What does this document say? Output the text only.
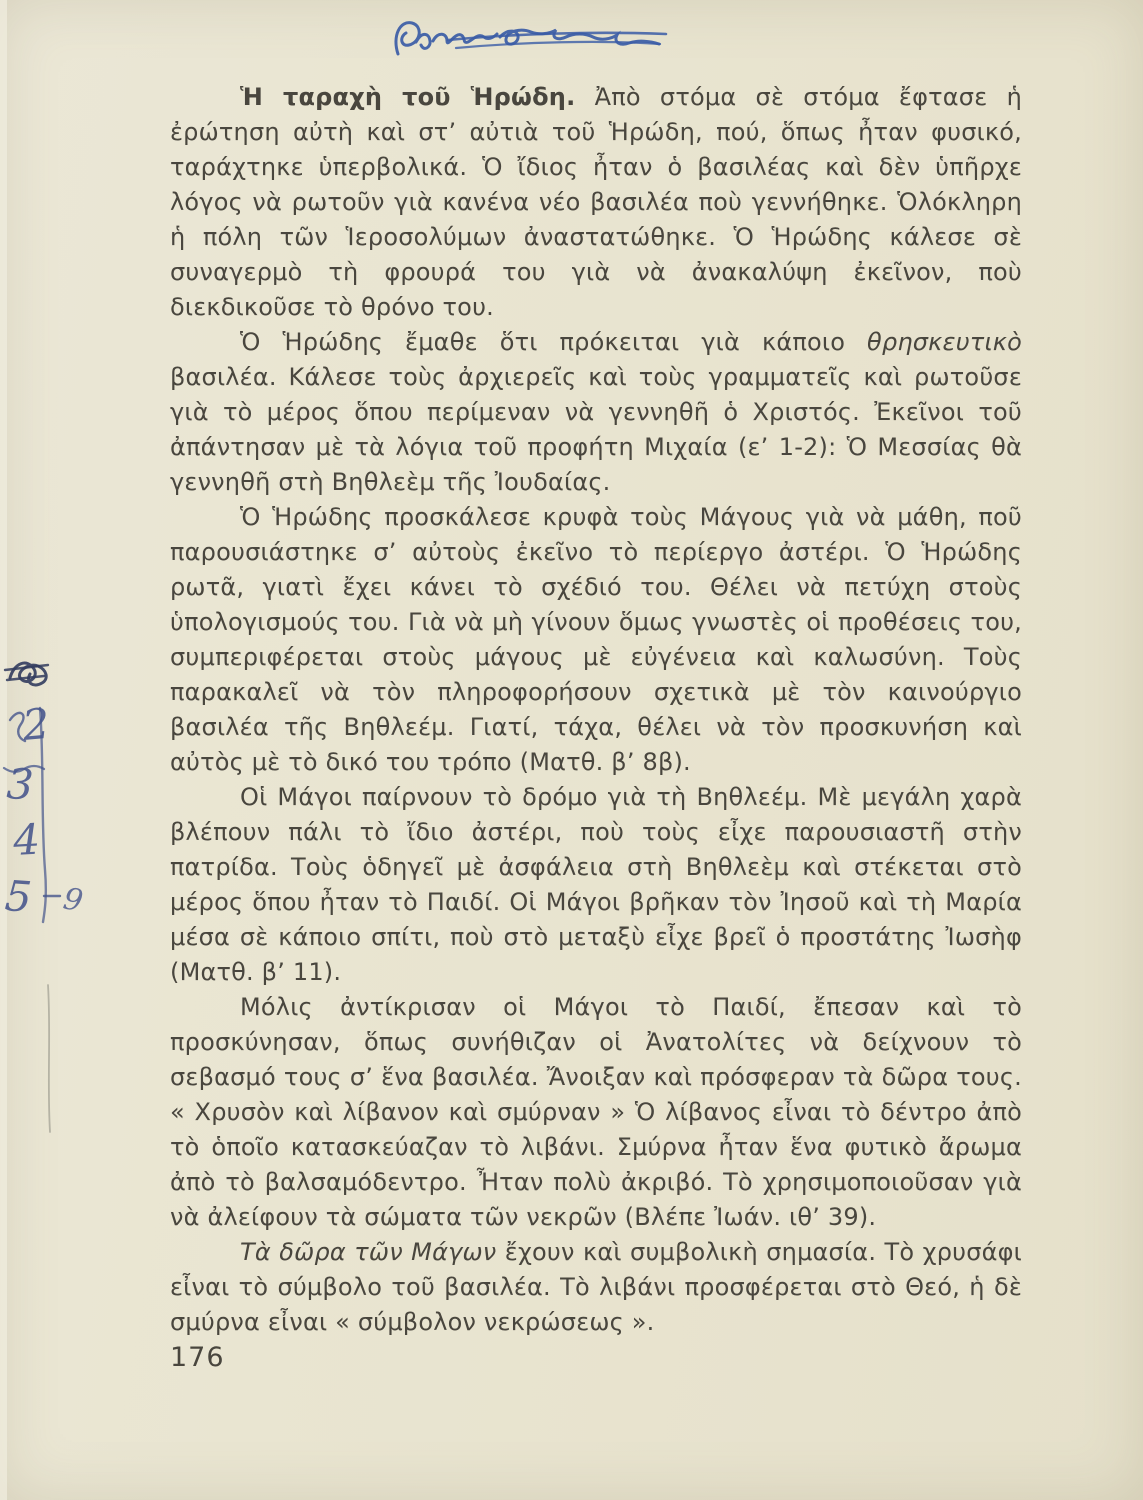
2
3
4
5 9

Ἡ ταραχὴ τοῦ Ἡρώδη. Ἀπὸ στόμα σὲ στόμα ἔφτασε ἡ ἐρώτηση αὐτὴ καὶ στ’ αὐτιὰ τοῦ Ἡρώδη, πού, ὅπως ἦταν φυσικό, ταράχτηκε ὑπερβολικά. Ὁ ἴδιος ἦταν ὁ βασιλέας καὶ δὲν ὑπῆρχε λόγος νὰ ρωτοῦν γιὰ κανένα νέο βασιλέα ποὺ γεννήθηκε. Ὁλόκληρη ἡ πόλη τῶν Ἱεροσολύμων ἀναστατώθηκε. Ὁ Ἡρώδης κάλεσε σὲ συναγερμὸ τὴ φρουρά του γιὰ νὰ ἀνακαλύψη ἐκεῖνον, ποὺ διεκδικοῦσε τὸ θρόνο του.

Ὁ Ἡρώδης ἔμαθε ὅτι πρόκειται γιὰ κάποιο θρησκευτικὸ βασιλέα. Κάλεσε τοὺς ἀρχιερεῖς καὶ τοὺς γραμματεῖς καὶ ρωτοῦσε γιὰ τὸ μέρος ὅπου περίμεναν νὰ γεννηθῆ ὁ Χριστός. Ἐκεῖνοι τοῦ ἀπάντησαν μὲ τὰ λόγια τοῦ προφήτη Μιχαία (ε’ 1-2): Ὁ Μεσσίας θὰ γεννηθῆ στὴ Βηθλεὲμ τῆς Ἰουδαίας.

Ὁ Ἡρώδης προσκάλεσε κρυφὰ τοὺς Μάγους γιὰ νὰ μάθη, ποῦ παρουσιάστηκε σ’ αὐτοὺς ἐκεῖνο τὸ περίεργο ἀστέρι. Ὁ Ἡρώδης ρωτᾶ, γιατὶ ἔχει κάνει τὸ σχέδιό του. Θέλει νὰ πετύχη στοὺς ὑπολογισμούς του. Γιὰ νὰ μὴ γίνουν ὅμως γνωστὲς οἱ προθέσεις του, συμπεριφέρεται στοὺς μάγους μὲ εὐγένεια καὶ καλωσύνη. Τοὺς παρακαλεῖ νὰ τὸν πληροφορήσουν σχετικὰ μὲ τὸν καινούργιο βασιλέα τῆς Βηθλεέμ. Γιατί, τάχα, θέλει νὰ τὸν προσκυνήση καὶ αὐτὸς μὲ τὸ δικό του τρόπο (Ματθ. β’ 8β).

Οἱ Μάγοι παίρνουν τὸ δρόμο γιὰ τὴ Βηθλεέμ. Μὲ μεγάλη χαρὰ βλέπουν πάλι τὸ ἴδιο ἀστέρι, ποὺ τοὺς εἶχε παρουσιαστῆ στὴν πατρίδα. Τοὺς ὁδηγεῖ μὲ ἀσφάλεια στὴ Βηθλεὲμ καὶ στέκεται στὸ μέρος ὅπου ἦταν τὸ Παιδί. Οἱ Μάγοι βρῆκαν τὸν Ἰησοῦ καὶ τὴ Μαρία μέσα σὲ κάποιο σπίτι, ποὺ στὸ μεταξὺ εἶχε βρεῖ ὁ προστάτης Ἰωσὴφ (Ματθ. β’ 11).

Μόλις ἀντίκρισαν οἱ Μάγοι τὸ Παιδί, ἔπεσαν καὶ τὸ προσκύνησαν, ὅπως συνήθιζαν οἱ Ἀνατολίτες νὰ δείχνουν τὸ σεβασμό τους σ’ ἕνα βασιλέα. Ἄνοιξαν καὶ πρόσφεραν τὰ δῶρα τους. « Χρυσὸν καὶ λίβανον καὶ σμύρναν » Ὁ λίβανος εἶναι τὸ δέντρο ἀπὸ τὸ ὁποῖο κατασκεύαζαν τὸ λιβάνι. Σμύρνα ἦταν ἕνα φυτικὸ ἄρωμα ἀπὸ τὸ βαλσαμόδεντρο. Ἦταν πολὺ ἀκριβό. Τὸ χρησιμοποιοῦσαν γιὰ νὰ ἀλείφουν τὰ σώματα τῶν νεκρῶν (Βλέπε Ἰωάν. ιθ’ 39).

Τὰ δῶρα τῶν Μάγων ἔχουν καὶ συμβολικὴ σημασία. Τὸ χρυσάφι εἶναι τὸ σύμβολο τοῦ βασιλέα. Τὸ λιβάνι προσφέρεται στὸ Θεό, ἡ δὲ σμύρνα εἶναι « σύμβολον νεκρώσεως ».

176
